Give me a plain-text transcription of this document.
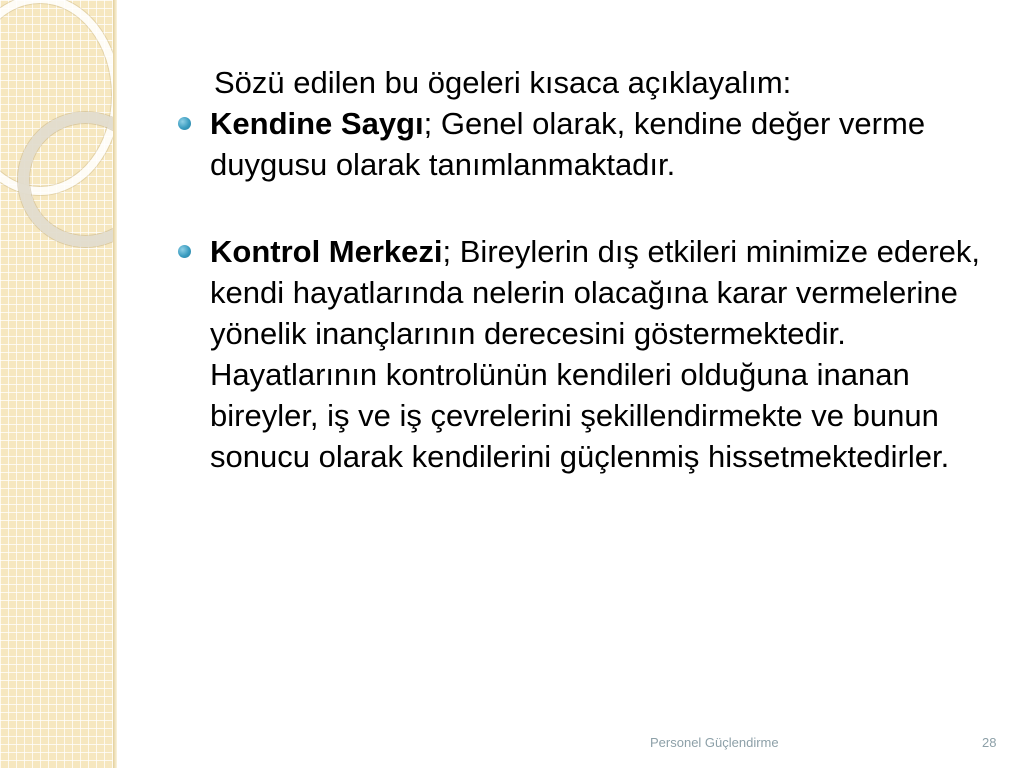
Sözü edilen bu ögeleri kısaca açıklayalım:

Kendine Saygı; Genel olarak, kendine değer verme duygusu olarak tanımlanmaktadır.
Kontrol Merkezi; Bireylerin dış etkileri minimize ederek, kendi hayatlarında nelerin olacağına karar vermelerine yönelik inançlarının derecesini göstermektedir. Hayatlarının kontrolünün kendileri olduğuna inanan bireyler, iş ve iş çevrelerini şekillendirmekte ve bunun sonucu olarak kendilerini güçlenmiş hissetmektedirler.
Personel Güçlendirme	28
